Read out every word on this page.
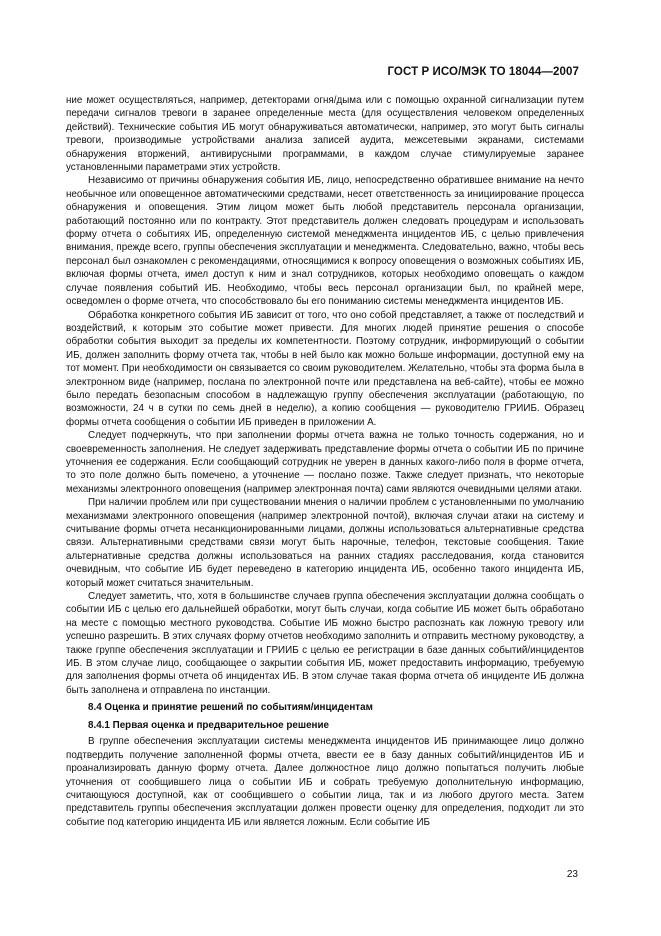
ГОСТ Р ИСО/МЭК ТО 18044—2007

ние может осуществляться, например, детекторами огня/дыма или с помощью охранной сигнализации путем передачи сигналов тревоги в заранее определенные места (для осуществления человеком определенных действий). Технические события ИБ могут обнаруживаться автоматически, например, это могут быть сигналы тревоги, производимые устройствами анализа записей аудита, межсетевыми экранами, системами обнаружения вторжений, антивирусными программами, в каждом случае стимулируемые заранее установленными параметрами этих устройств.

Независимо от причины обнаружения события ИБ, лицо, непосредственно обратившее внимание на нечто необычное или оповещенное автоматическими средствами, несет ответственность за инициирование процесса обнаружения и оповещения. Этим лицом может быть любой представитель персонала организации, работающий постоянно или по контракту. Этот представитель должен следовать процедурам и использовать форму отчета о событиях ИБ, определенную системой менеджмента инцидентов ИБ, с целью привлечения внимания, прежде всего, группы обеспечения эксплуатации и менеджмента. Следовательно, важно, чтобы весь персонал был ознакомлен с рекомендациями, относящимися к вопросу оповещения о возможных событиях ИБ, включая формы отчета, имел доступ к ним и знал сотрудников, которых необходимо оповещать о каждом случае появления событий ИБ. Необходимо, чтобы весь персонал организации был, по крайней мере, осведомлен о форме отчета, что способствовало бы его пониманию системы менеджмента инцидентов ИБ.

Обработка конкретного события ИБ зависит от того, что оно собой представляет, а также от последствий и воздействий, к которым это событие может привести. Для многих людей принятие решения о способе обработки события выходит за пределы их компетентности. Поэтому сотрудник, информирующий о событии ИБ, должен заполнить форму отчета так, чтобы в ней было как можно больше информации, доступной ему на тот момент. При необходимости он связывается со своим руководителем. Желательно, чтобы эта форма была в электронном виде (например, послана по электронной почте или представлена на веб-сайте), чтобы ее можно было передать безопасным способом в надлежащую группу обеспечения эксплуатации (работающую, по возможности, 24 ч в сутки по семь дней в неделю), а копию сообщения — руководителю ГРИИБ. Образец формы отчета сообщения о событии ИБ приведен в приложении А.

Следует подчеркнуть, что при заполнении формы отчета важна не только точность содержания, но и своевременность заполнения. Не следует задерживать представление формы отчета о событии ИБ по причине уточнения ее содержания. Если сообщающий сотрудник не уверен в данных какого-либо поля в форме отчета, то это поле должно быть помечено, а уточнение — послано позже. Также следует признать, что некоторые механизмы электронного оповещения (например электронная почта) сами являются очевидными целями атаки.

При наличии проблем или при существовании мнения о наличии проблем с установленными по умолчанию механизмами электронного оповещения (например электронной почтой), включая случаи атаки на систему и считывание формы отчета несанкционированными лицами, должны использоваться альтернативные средства связи. Альтернативными средствами связи могут быть нарочные, телефон, текстовые сообщения. Такие альтернативные средства должны использоваться на ранних стадиях расследования, когда становится очевидным, что событие ИБ будет переведено в категорию инцидента ИБ, особенно такого инцидента ИБ, который может считаться значительным.

Следует заметить, что, хотя в большинстве случаев группа обеспечения эксплуатации должна сообщать о событии ИБ с целью его дальнейшей обработки, могут быть случаи, когда событие ИБ может быть обработано на месте с помощью местного руководства. Событие ИБ можно быстро распознать как ложную тревогу или успешно разрешить. В этих случаях форму отчетов необходимо заполнить и отправить местному руководству, а также группе обеспечения эксплуатации и ГРИИБ с целью ее регистрации в базе данных событий/инцидентов ИБ. В этом случае лицо, сообщающее о закрытии события ИБ, может предоставить информацию, требуемую для заполнения формы отчета об инцидентах ИБ. В этом случае такая форма отчета об инциденте ИБ должна быть заполнена и отправлена по инстанции.

8.4 Оценка и принятие решений по событиям/инцидентам
8.4.1 Первая оценка и предварительное решение

В группе обеспечения эксплуатации системы менеджмента инцидентов ИБ принимающее лицо должно подтвердить получение заполненной формы отчета, ввести ее в базу данных событий/инцидентов ИБ и проанализировать данную форму отчета. Далее должностное лицо должно попытаться получить любые уточнения от сообщившего лица о событии ИБ и собрать требуемую дополнительную информацию, считающуюся доступной, как от сообщившего о событии лица, так и из любого другого места. Затем представитель группы обеспечения эксплуатации должен провести оценку для определения, подходит ли это событие под категорию инцидента ИБ или является ложным. Если событие ИБ

23
